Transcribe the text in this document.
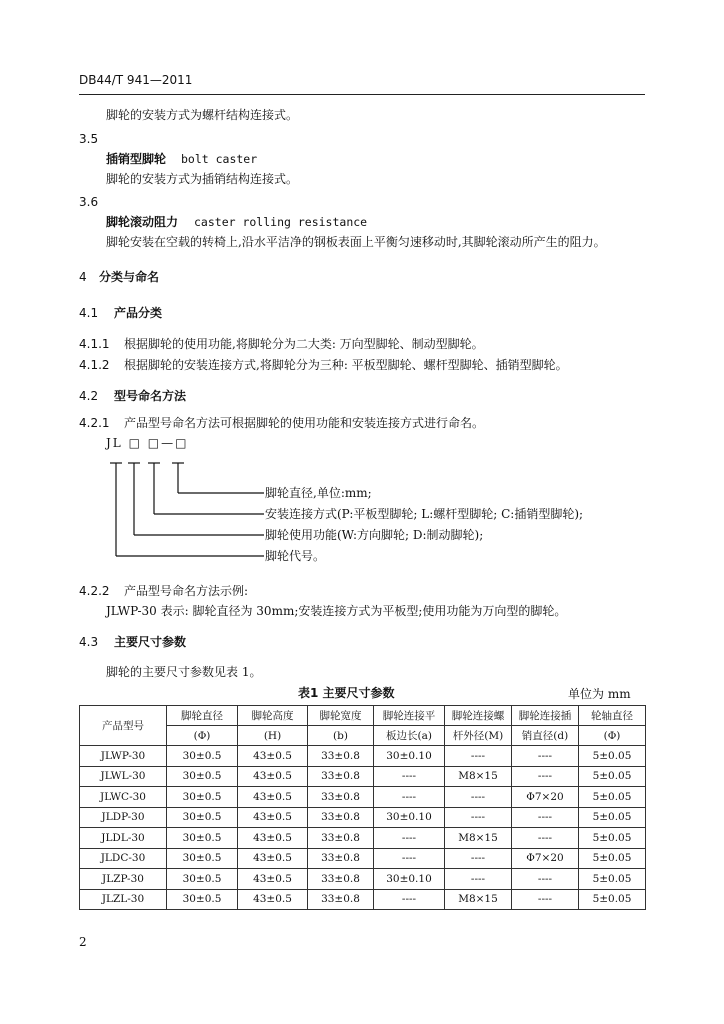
DB44/T 941—2011
脚轮的安装方式为螺杆结构连接式。
3.5
插销型脚轮 bolt caster
脚轮的安装方式为插销结构连接式。
3.6
脚轮滚动阻力 caster rolling resistance
脚轮安装在空载的转椅上,沿水平洁净的钢板表面上平衡匀速移动时,其脚轮滚动所产生的阻力。
4 分类与命名
4.1 产品分类
4.1.1 根据脚轮的使用功能,将脚轮分为二大类: 万向型脚轮、制动型脚轮。
4.1.2 根据脚轮的安装连接方式,将脚轮分为三种: 平板型脚轮、螺杆型脚轮、插销型脚轮。
4.2 型号命名方法
4.2.1 产品型号命名方法可根据脚轮的使用功能和安装连接方式进行命名。
JL □ □—□
脚轮直径,单位:mm;
安装连接方式(P:平板型脚轮; L:螺杆型脚轮; C:插销型脚轮);
脚轮使用功能(W:方向脚轮; D:制动脚轮);
脚轮代号。
4.2.2 产品型号命名方法示例:
JLWP-30 表示: 脚轮直径为 30mm;安装连接方式为平板型;使用功能为万向型的脚轮。
4.3 主要尺寸参数
脚轮的主要尺寸参数见表 1。
表1 主要尺寸参数	单位为 mm
产品型号	脚轮直径	脚轮高度	脚轮宽度	脚轮连接平	脚轮连接螺	脚轮连接插	轮轴直径
	(Φ)	(H)	(b)	板边长(a)	杆外径(M)	销直径(d)	(Φ)
JLWP-30	30±0.5	43±0.5	33±0.8	30±0.10	----	----	5±0.05
JLWL-30	30±0.5	43±0.5	33±0.8	----	M8×15	----	5±0.05
JLWC-30	30±0.5	43±0.5	33±0.8	----	----	Φ7×20	5±0.05
JLDP-30	30±0.5	43±0.5	33±0.8	30±0.10	----	----	5±0.05
JLDL-30	30±0.5	43±0.5	33±0.8	----	M8×15	----	5±0.05
JLDC-30	30±0.5	43±0.5	33±0.8	----	----	Φ7×20	5±0.05
JLZP-30	30±0.5	43±0.5	33±0.8	30±0.10	----	----	5±0.05
JLZL-30	30±0.5	43±0.5	33±0.8	----	M8×15	----	5±0.05
2
